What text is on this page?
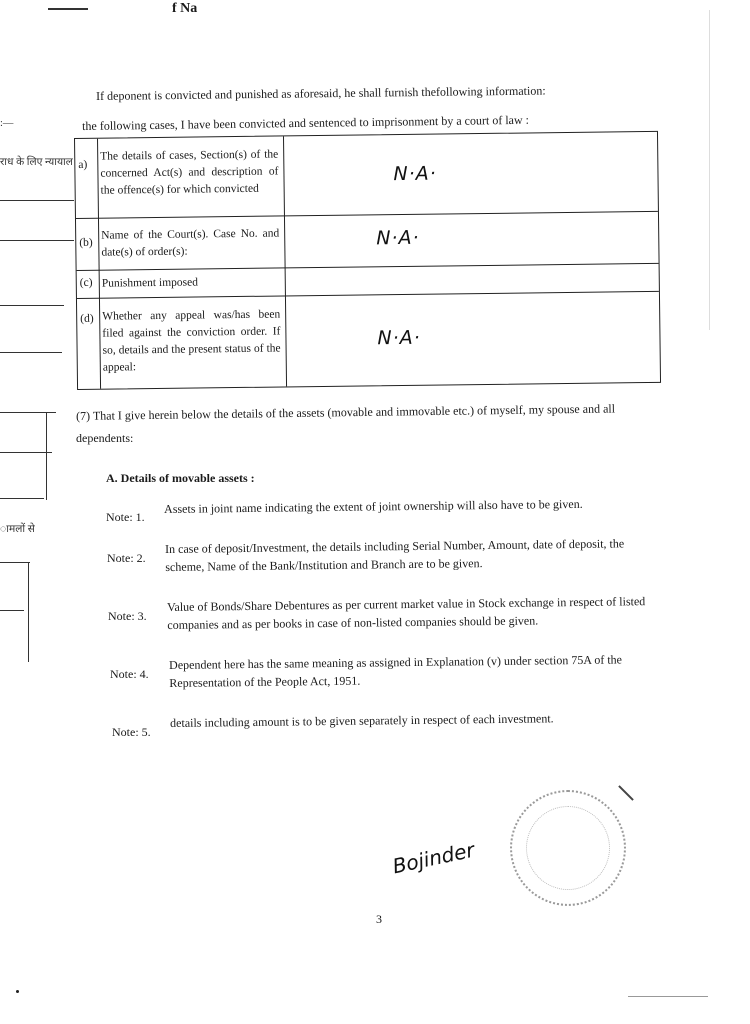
f Na
:—
राध के लिए न्यायाल
ामलों से
If deponent is convicted and punished as aforesaid, he shall furnish thefollowing information:
the following cases, I have been convicted and sentenced to imprisonment by a court of law :
a)
The details of cases, Section(s) of the concerned Act(s) and description of the offence(s) for which convicted
N·A·
(b)
Name of the Court(s). Case No. and date(s) of order(s):
N·A·
(c) Punishment imposed
(d) Whether any appeal was/has been filed against the conviction order. If so, details and the present status of the appeal:
N·A·
(7) That I give herein below the details of the assets (movable and immovable etc.) of myself, my spouse and all
dependents:
A. Details of movable assets :
Note: 1.
Assets in joint name indicating the extent of joint ownership will also have to be given.
Note: 2.
In case of deposit/Investment, the details including Serial Number, Amount, date of deposit, the scheme, Name of the Bank/Institution and Branch are to be given.
Note: 3.
Value of Bonds/Share Debentures as per current market value in Stock exchange in respect of listed companies and as per books in case of non-listed companies should be given.
Note: 4.
Dependent here has the same meaning as assigned in Explanation (v) under section 75A of the Representation of the People Act, 1951.
Note: 5.
details including amount is to be given separately in respect of each investment.
Bojinder
3
